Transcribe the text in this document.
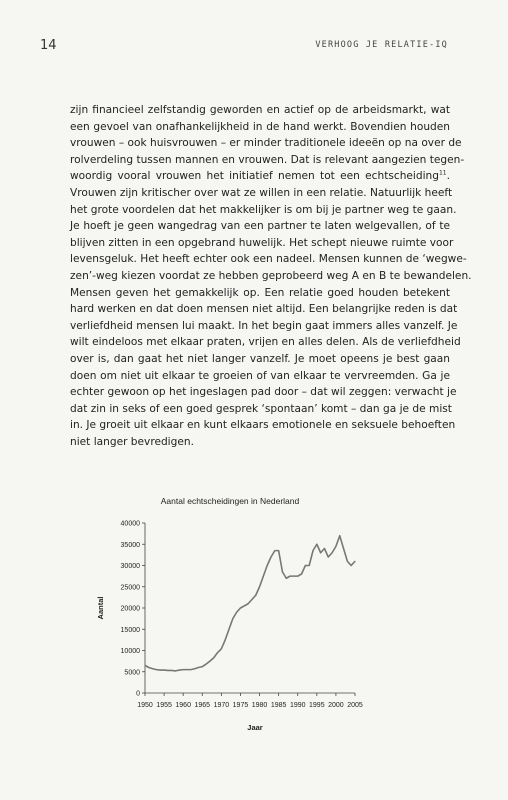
14	VERHOOG JE RELATIE-IQ
zijn financieel zelfstandig geworden en actief op de arbeidsmarkt, wat
een gevoel van onafhankelijkheid in de hand werkt. Bovendien houden
vrouwen – ook huisvrouwen – er minder traditionele ideeën op na over de
rolverdeling tussen mannen en vrouwen. Dat is relevant aangezien tegen-
woordig vooral vrouwen het initiatief nemen tot een echtscheiding$^{11}$.
Vrouwen zijn kritischer over wat ze willen in een relatie. Natuurlijk heeft
het grote voordelen dat het makkelijker is om bij je partner weg te gaan.
Je hoeft je geen wangedrag van een partner te laten welgevallen, of te
blijven zitten in een opgebrand huwelijk. Het schept nieuwe ruimte voor
levensgeluk. Het heeft echter ook een nadeel. Mensen kunnen de ‘wegwe-
zen’-weg kiezen voordat ze hebben geprobeerd weg A en B te bewandelen.
Mensen geven het gemakkelijk op. Een relatie goed houden betekent
hard werken en dat doen mensen niet altijd. Een belangrijke reden is dat
verliefdheid mensen lui maakt. In het begin gaat immers alles vanzelf. Je
wilt eindeloos met elkaar praten, vrijen en alles delen. Als de verliefdheid
over is, dan gaat het niet langer vanzelf. Je moet opeens je best gaan
doen om niet uit elkaar te groeien of van elkaar te vervreemden. Ga je
echter gewoon op het ingeslagen pad door – dat wil zeggen: verwacht je
dat zin in seks of een goed gesprek ‘spontaan’ komt – dan ga je de mist
in. Je groeit uit elkaar en kunt elkaars emotionele en seksuele behoeften
niet langer bevredigen.
Aantal echtscheidingen in Nederland
0
5000
10000
15000
20000
25000
30000
35000
40000
1950 1955 1960 1965 1970 1975 1980 1985 1990 1995 2000 2005
Jaar
Aantal
